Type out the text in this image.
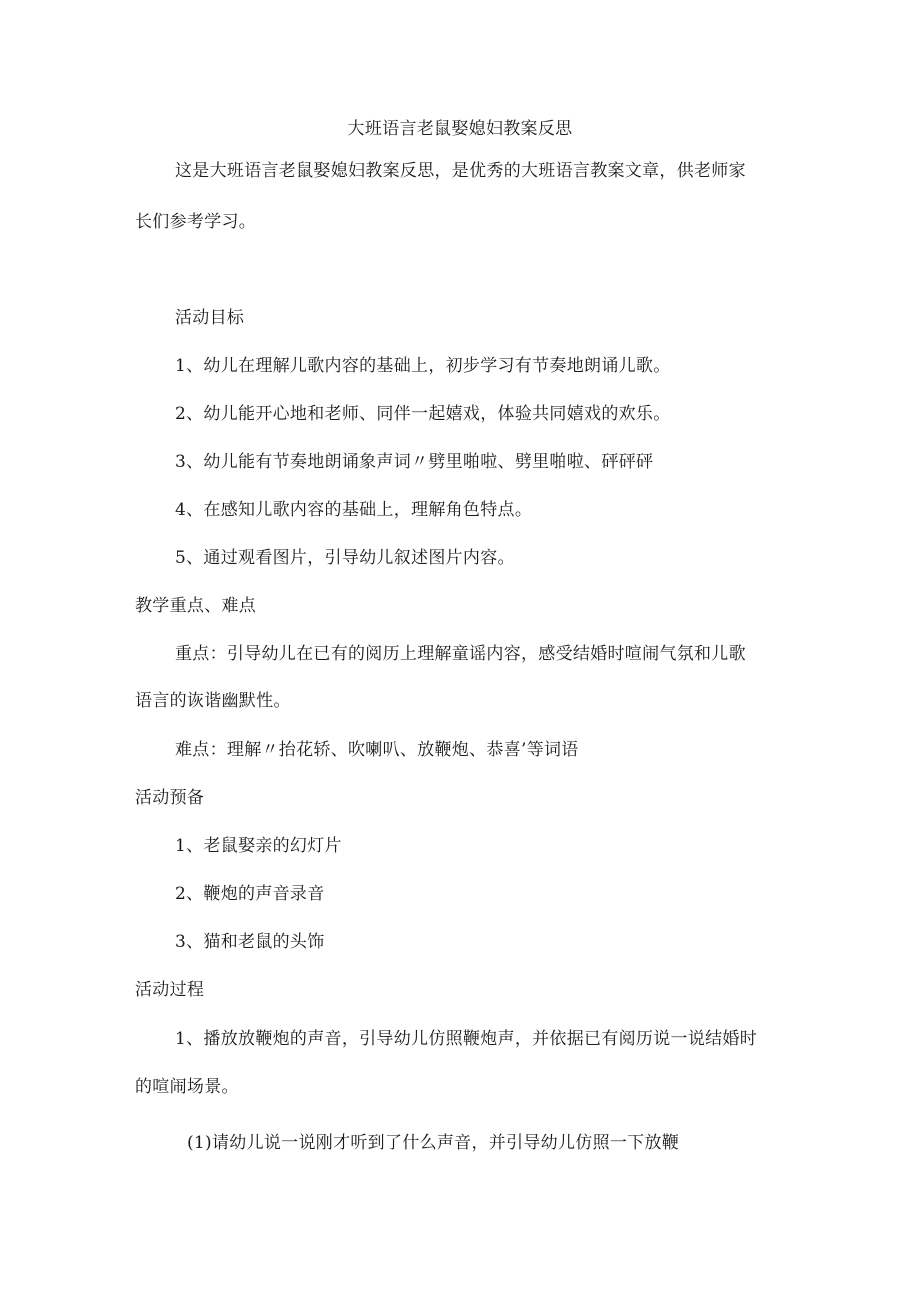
大班语言老鼠娶媳妇教案反思
这是大班语言老鼠娶媳妇教案反思，是优秀的大班语言教案文章，供老师家
长们参考学习。
活动目标
1、幼儿在理解儿歌内容的基础上，初步学习有节奏地朗诵儿歌。
2、幼儿能开心地和老师、同伴一起嬉戏，体验共同嬉戏的欢乐。
3、幼儿能有节奏地朗诵象声词〃劈里啪啦、劈里啪啦、砰砰砰
4、在感知儿歌内容的基础上，理解角色特点。
5、通过观看图片，引导幼儿叙述图片内容。
教学重点、难点
重点：引导幼儿在已有的阅历上理解童谣内容，感受结婚时喧闹气氛和儿歌
语言的诙谐幽默性。
难点：理解〃抬花轿、吹喇叭、放鞭炮、恭喜’等词语
活动预备
1、老鼠娶亲的幻灯片
2、鞭炮的声音录音
3、猫和老鼠的头饰
活动过程
1、播放放鞭炮的声音，引导幼儿仿照鞭炮声，并依据已有阅历说一说结婚时
的喧闹场景。
(1)请幼儿说一说刚才听到了什么声音，并引导幼儿仿照一下放鞭
